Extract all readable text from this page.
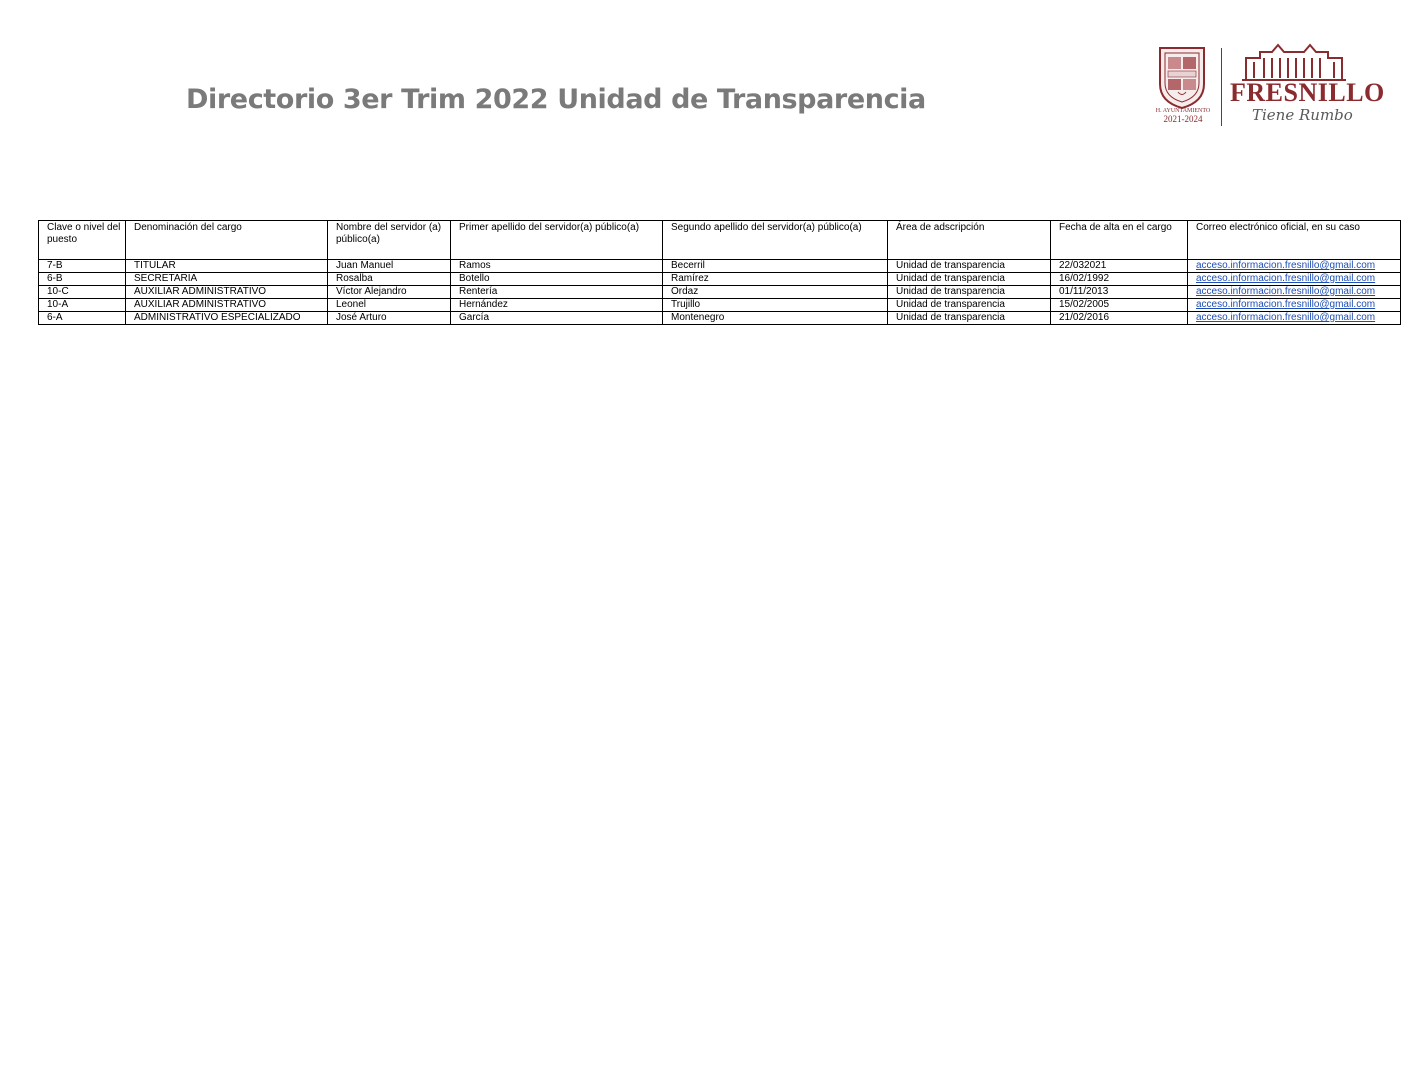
Directorio 3er Trim 2022 Unidad de Transparencia	H. AYUNTAMIENTO
2021-2024
FRESNILLO
Tiene Rumbo
Clave o nivel del puesto	Denominación del cargo	Nombre del servidor (a) público(a)	Primer apellido del servidor(a) público(a)	Segundo apellido del servidor(a) público(a)	Área de adscripción	Fecha de alta en el cargo	Correo electrónico oficial, en su caso
7-B	TITULAR	Juan Manuel	Ramos	Becerril	Unidad de transparencia	22/032021	acceso.informacion.fresnillo@gmail.com
6-B	SECRETARIA	Rosalba	Botello	Ramírez	Unidad de transparencia	16/02/1992	acceso.informacion.fresnillo@gmail.com
10-C	AUXILIAR ADMINISTRATIVO	Víctor Alejandro	Rentería	Ordaz	Unidad de transparencia	01/11/2013	acceso.informacion.fresnillo@gmail.com
10-A	AUXILIAR ADMINISTRATIVO	Leonel	Hernández	Trujillo	Unidad de transparencia	15/02/2005	acceso.informacion.fresnillo@gmail.com
6-A	ADMINISTRATIVO ESPECIALIZADO	José Arturo	García	Montenegro	Unidad de transparencia	21/02/2016	acceso.informacion.fresnillo@gmail.com
